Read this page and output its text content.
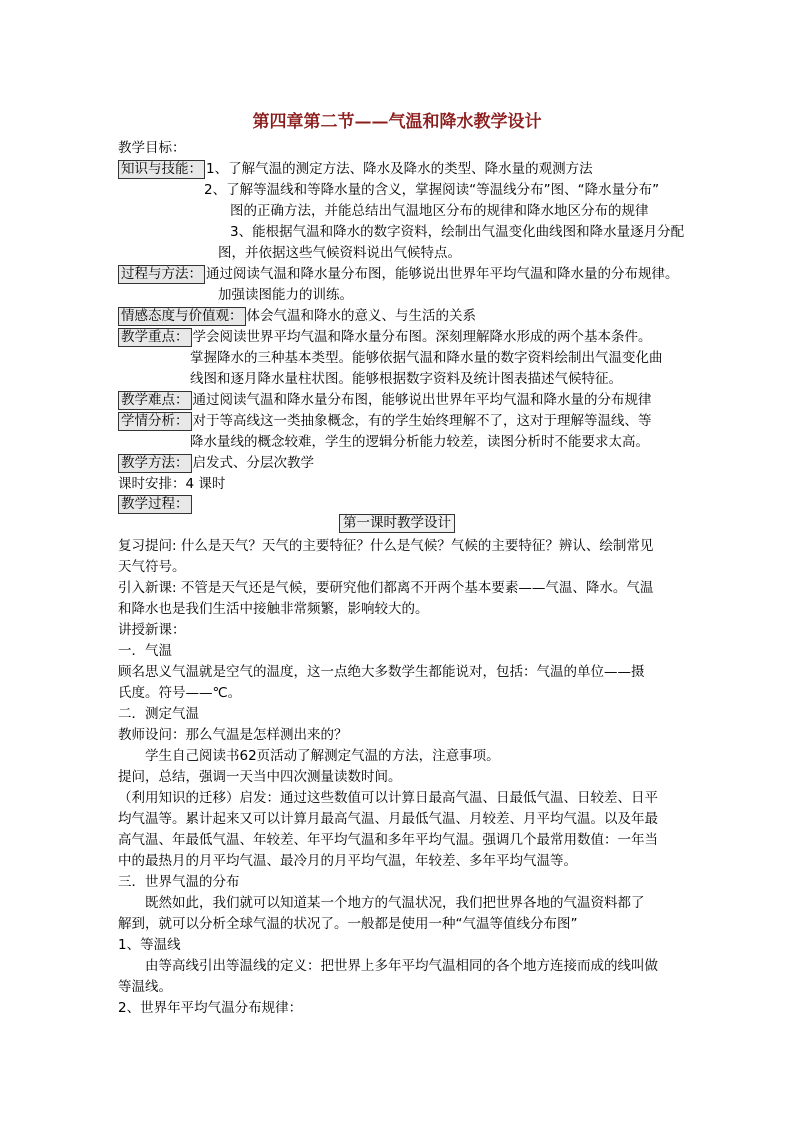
第四章第二节——气温和降水教学设计
教学目标：
知识与技能： 1、了解气温的测定方法、降水及降水的类型、降水量的观测方法
2、了解等温线和等降水量的含义，掌握阅读“等温线分布”图、“降水量分布”
图的正确方法，并能总结出气温地区分布的规律和降水地区分布的规律
3、能根据气温和降水的数字资料，绘制出气温变化曲线图和降水量逐月分配
图，并依据这些气候资料说出气候特点。
过程与方法： 通过阅读气温和降水量分布图，能够说出世界年平均气温和降水量的分布规律。
加强读图能力的训练。
情感态度与价值观： 体会气温和降水的意义、与生活的关系
教学重点： 学会阅读世界平均气温和降水量分布图。深刻理解降水形成的两个基本条件。
掌握降水的三种基本类型。能够依据气温和降水量的数字资料绘制出气温变化曲
线图和逐月降水量柱状图。能够根据数字资料及统计图表描述气候特征。
教学难点： 通过阅读气温和降水量分布图，能够说出世界年平均气温和降水量的分布规律
学情分析： 对于等高线这一类抽象概念，有的学生始终理解不了，这对于理解等温线、等
降水量线的概念较难，学生的逻辑分析能力较差，读图分析时不能要求太高。
教学方法： 启发式、分层次教学
课时安排：4 课时
教学过程：
第一课时教学设计
复习提问: 什么是天气？天气的主要特征？什么是气候？气候的主要特征？辨认、绘制常见
天气符号。
引入新课: 不管是天气还是气候，要研究他们都离不开两个基本要素——气温、降水。气温
和降水也是我们生活中接触非常频繁，影响较大的。
讲授新课：
一．气温
顾名思义气温就是空气的温度，这一点绝大多数学生都能说对，包括：气温的单位——摄
氏度。符号——℃。
二．测定气温
教师设问：那么气温是怎样测出来的？
学生自己阅读书62页活动了解测定气温的方法，注意事项。
提问，总结，强调一天当中四次测量读数时间。
（利用知识的迁移）启发：通过这些数值可以计算日最高气温、日最低气温、日较差、日平
均气温等。累计起来又可以计算月最高气温、月最低气温、月较差、月平均气温。以及年最
高气温、年最低气温、年较差、年平均气温和多年平均气温。强调几个最常用数值：一年当
中的最热月的月平均气温、最冷月的月平均气温，年较差、多年平均气温等。
三．世界气温的分布
既然如此，我们就可以知道某一个地方的气温状况，我们把世界各地的气温资料都了
解到，就可以分析全球气温的状况了。一般都是使用一种“气温等值线分布图”
1、等温线
由等高线引出等温线的定义：把世界上多年平均气温相同的各个地方连接而成的线叫做
等温线。
2、世界年平均气温分布规律：
